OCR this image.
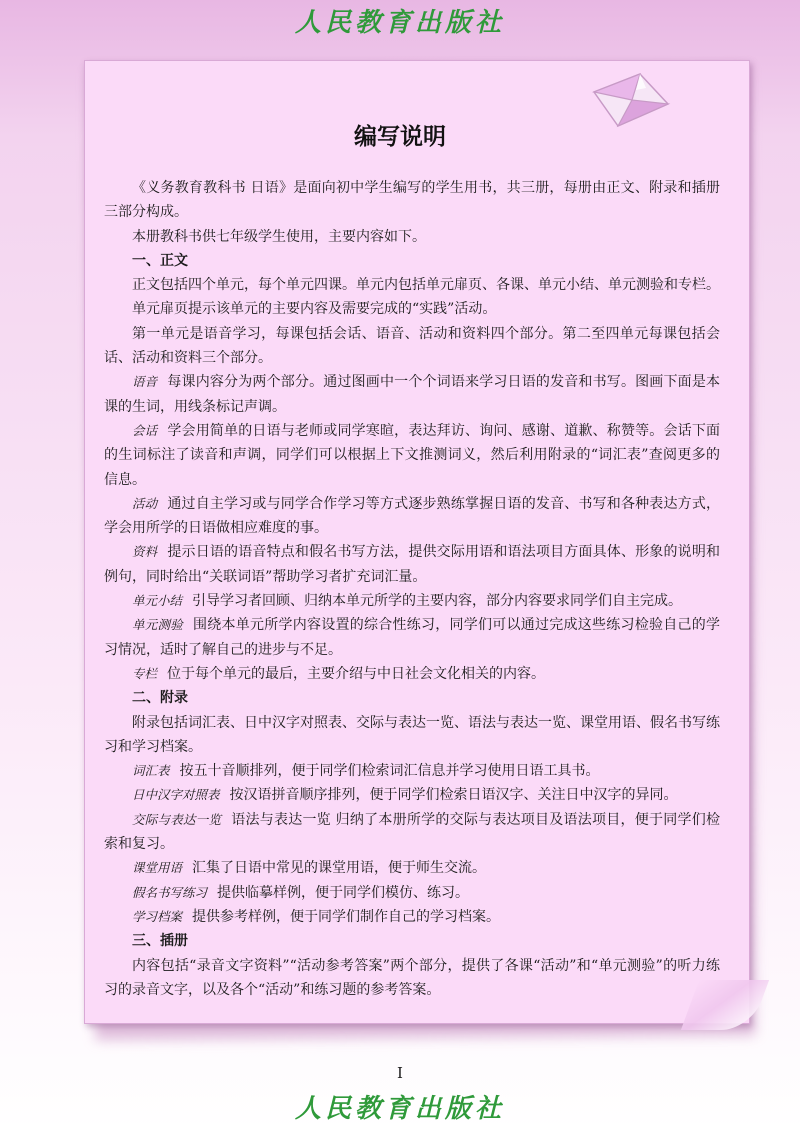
人民教育出版社
编写说明

《义务教育教科书 日语》是面向初中学生编写的学生用书，共三册，每册由正文、附录和插册三部分构成。

本册教科书供七年级学生使用，主要内容如下。

一、正文

正文包括四个单元，每个单元四课。单元内包括单元扉页、各课、单元小结、单元测验和专栏。

单元扉页提示该单元的主要内容及需要完成的“实践”活动。

第一单元是语音学习，每课包括会话、语音、活动和资料四个部分。第二至四单元每课包括会话、活动和资料三个部分。

语音 每课内容分为两个部分。通过图画中一个个词语来学习日语的发音和书写。图画下面是本课的生词，用线条标记声调。

会话 学会用简单的日语与老师或同学寒暄，表达拜访、询问、感谢、道歉、称赞等。会话下面的生词标注了读音和声调，同学们可以根据上下文推测词义，然后利用附录的“词汇表”查阅更多的信息。

活动 通过自主学习或与同学合作学习等方式逐步熟练掌握日语的发音、书写和各种表达方式，学会用所学的日语做相应难度的事。

资料 提示日语的语音特点和假名书写方法，提供交际用语和语法项目方面具体、形象的说明和例句，同时给出“关联词语”帮助学习者扩充词汇量。

单元小结 引导学习者回顾、归纳本单元所学的主要内容，部分内容要求同学们自主完成。

单元测验 围绕本单元所学内容设置的综合性练习，同学们可以通过完成这些练习检验自己的学习情况，适时了解自己的进步与不足。

专栏 位于每个单元的最后，主要介绍与中日社会文化相关的内容。

二、附录

附录包括词汇表、日中汉字对照表、交际与表达一览、语法与表达一览、课堂用语、假名书写练习和学习档案。

词汇表 按五十音顺排列，便于同学们检索词汇信息并学习使用日语工具书。

日中汉字对照表 按汉语拼音顺序排列，便于同学们检索日语汉字、关注日中汉字的异同。

交际与表达一览 语法与表达一览 归纳了本册所学的交际与表达项目及语法项目，便于同学们检索和复习。

课堂用语 汇集了日语中常见的课堂用语，便于师生交流。

假名书写练习 提供临摹样例，便于同学们模仿、练习。

学习档案 提供参考样例，便于同学们制作自己的学习档案。

三、插册

内容包括“录音文字资料”“活动参考答案”两个部分，提供了各课“活动”和“单元测验”的听力练习的录音文字，以及各个“活动”和练习题的参考答案。

I
人民教育出版社
